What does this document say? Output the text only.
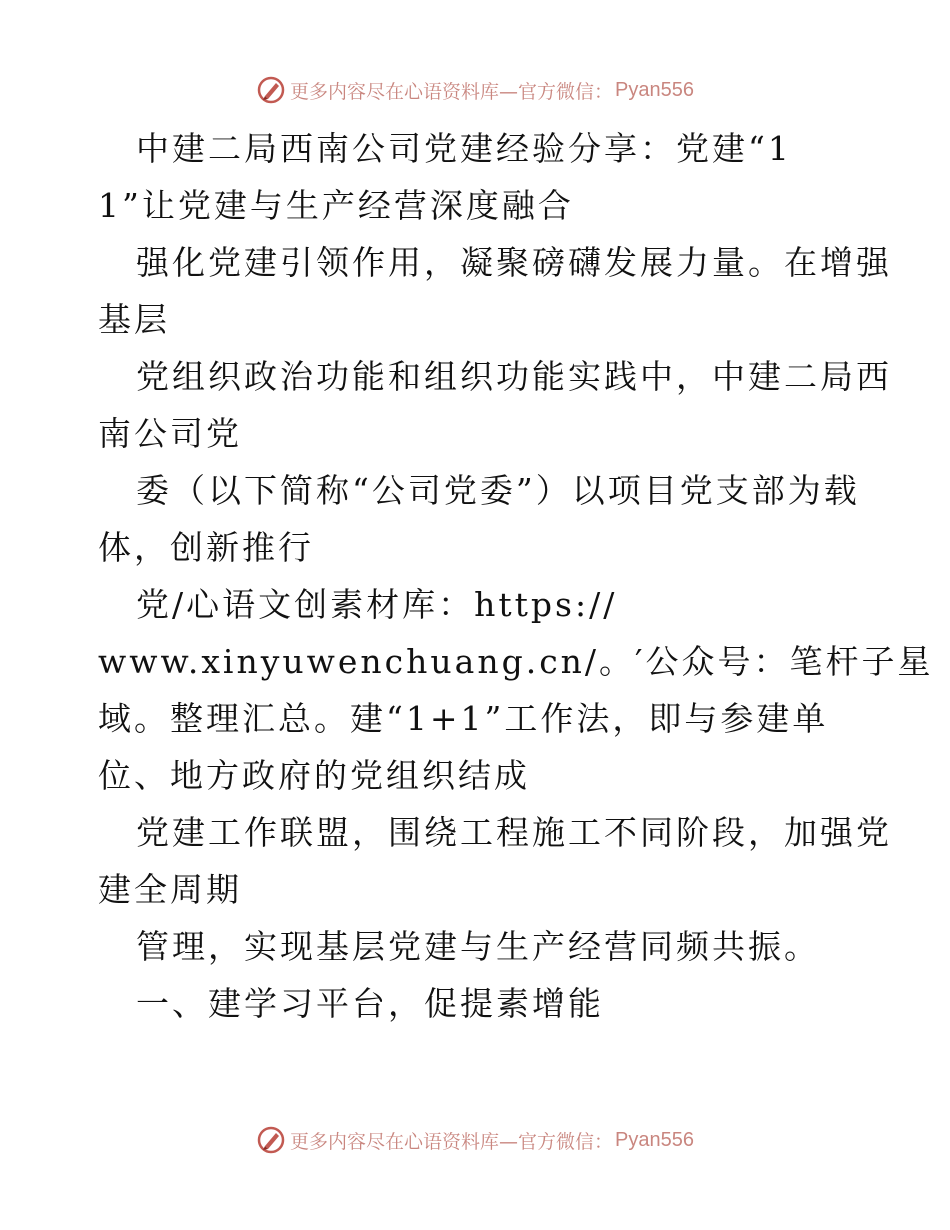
更多内容尽在心语资料库—官方微信： Pyan556
中建二局西南公司党建经验分享：党建“1
1”让党建与生产经营深度融合
强化党建引领作用，凝聚磅礴发展力量。在增强
基层
党组织政治功能和组织功能实践中，中建二局西
南公司党
委（以下简称“公司党委”）以项目党支部为载
体，创新推行
党/心语文创素材库：https://
www.xinyuwenchuang.cn/。′公众号：笔杆子星
域。整理汇总。建“1+1”工作法，即与参建单
位、地方政府的党组织结成
党建工作联盟，围绕工程施工不同阶段，加强党
建全周期
管理，实现基层党建与生产经营同频共振。
一、建学习平台，促提素增能
更多内容尽在心语资料库—官方微信： Pyan556
